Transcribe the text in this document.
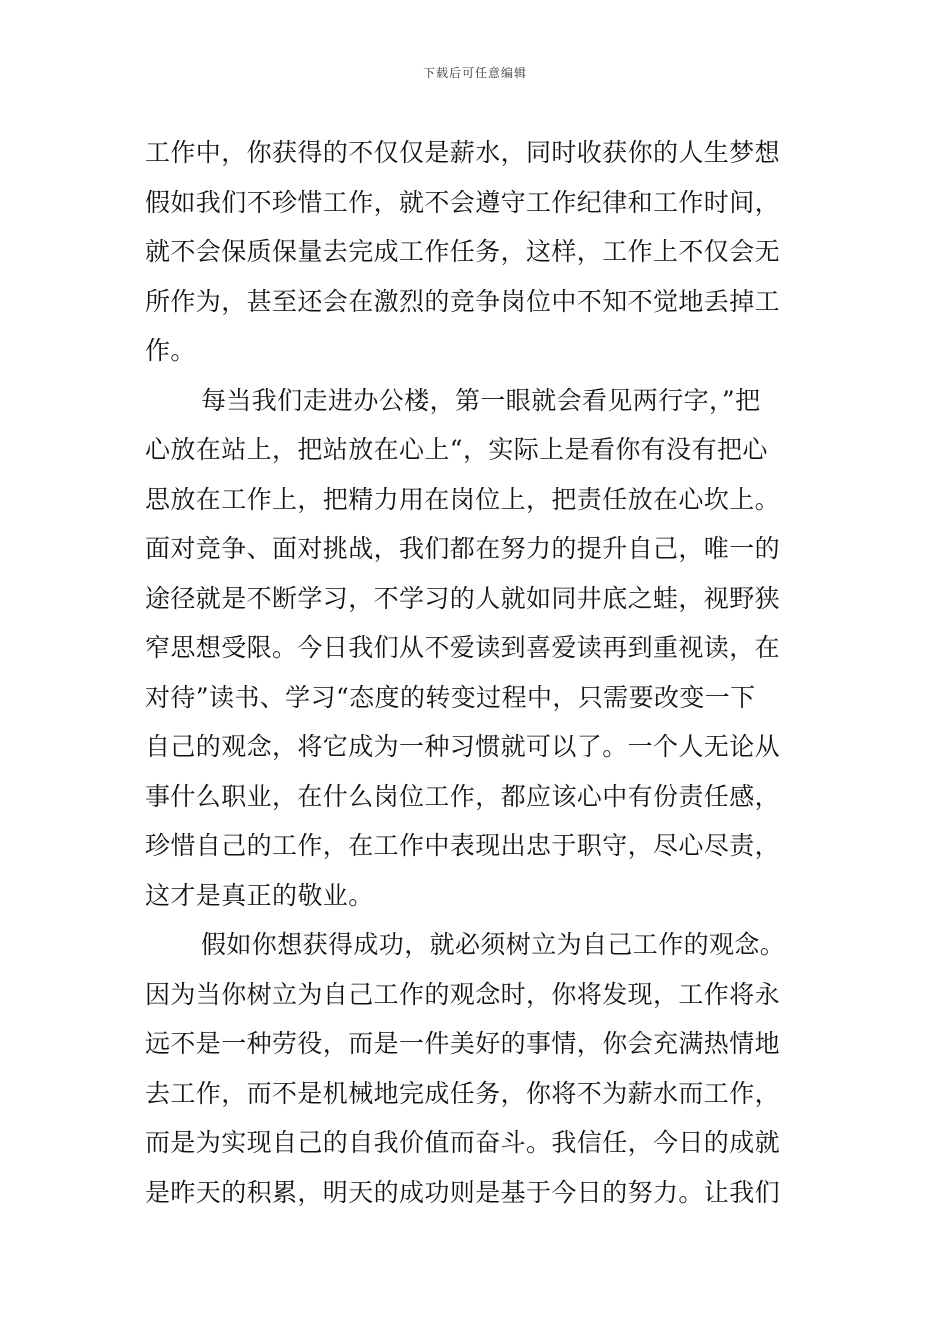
下载后可任意编辑
工作中，你获得的不仅仅是薪水，同时收获你的人生梦想
假如我们不珍惜工作，就不会遵守工作纪律和工作时间，
就不会保质保量去完成工作任务，这样，工作上不仅会无
所作为，甚至还会在激烈的竞争岗位中不知不觉地丢掉工
作。
每当我们走进办公楼，第一眼就会看见两行字，”把
心放在站上，把站放在心上“，实际上是看你有没有把心
思放在工作上，把精力用在岗位上，把责任放在心坎上。
面对竞争、面对挑战，我们都在努力的提升自己，唯一的
途径就是不断学习，不学习的人就如同井底之蛙，视野狭
窄思想受限。今日我们从不爱读到喜爱读再到重视读，在
对待”读书、学习“态度的转变过程中，只需要改变一下
自己的观念，将它成为一种习惯就可以了。一个人无论从
事什么职业，在什么岗位工作，都应该心中有份责任感，
珍惜自己的工作，在工作中表现出忠于职守，尽心尽责，
这才是真正的敬业。
假如你想获得成功，就必须树立为自己工作的观念。
因为当你树立为自己工作的观念时，你将发现，工作将永
远不是一种劳役，而是一件美好的事情，你会充满热情地
去工作，而不是机械地完成任务，你将不为薪水而工作，
而是为实现自己的自我价值而奋斗。我信任，今日的成就
是昨天的积累，明天的成功则是基于今日的努力。让我们
